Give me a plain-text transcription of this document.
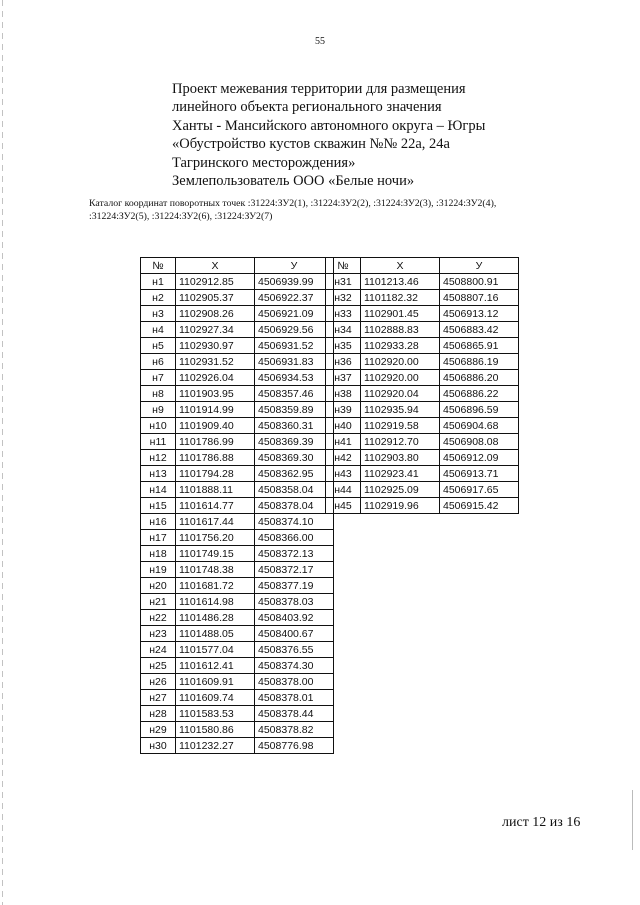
55
Проект межевания территории для размещения
линейного объекта регионального значения
Ханты - Мансийского автономного округа – Югры
«Обустройство кустов скважин №№ 22а, 24а
Тагринского месторождения»
Землепользователь ООО «Белые ночи»
Каталог координат поворотных точек :31224:ЗУ2(1), :31224:ЗУ2(2), :31224:ЗУ2(3), :31224:ЗУ2(4),
:31224:ЗУ2(5), :31224:ЗУ2(6), :31224:ЗУ2(7)
№	X	У
н1	1102912.85	4506939.99
н2	1102905.37	4506922.37
н3	1102908.26	4506921.09
н4	1102927.34	4506929.56
н5	1102930.97	4506931.52
н6	1102931.52	4506931.83
н7	1102926.04	4506934.53
н8	1101903.95	4508357.46
н9	1101914.99	4508359.89
н10	1101909.40	4508360.31
н11	1101786.99	4508369.39
н12	1101786.88	4508369.30
н13	1101794.28	4508362.95
н14	1101888.11	4508358.04
н15	1101614.77	4508378.04
н16	1101617.44	4508374.10
н17	1101756.20	4508366.00
н18	1101749.15	4508372.13
н19	1101748.38	4508372.17
н20	1101681.72	4508377.19
н21	1101614.98	4508378.03
н22	1101486.28	4508403.92
н23	1101488.05	4508400.67
н24	1101577.04	4508376.55
н25	1101612.41	4508374.30
н26	1101609.91	4508378.00
н27	1101609.74	4508378.01
н28	1101583.53	4508378.44
н29	1101580.86	4508378.82
н30	1101232.27	4508776.98
№	X	У
н31	1101213.46	4508800.91
н32	1101182.32	4508807.16
н33	1102901.45	4506913.12
н34	1102888.83	4506883.42
н35	1102933.28	4506865.91
н36	1102920.00	4506886.19
н37	1102920.00	4506886.20
н38	1102920.04	4506886.22
н39	1102935.94	4506896.59
н40	1102919.58	4506904.68
н41	1102912.70	4506908.08
н42	1102903.80	4506912.09
н43	1102923.41	4506913.71
н44	1102925.09	4506917.65
н45	1102919.96	4506915.42
лист 12 из 16
